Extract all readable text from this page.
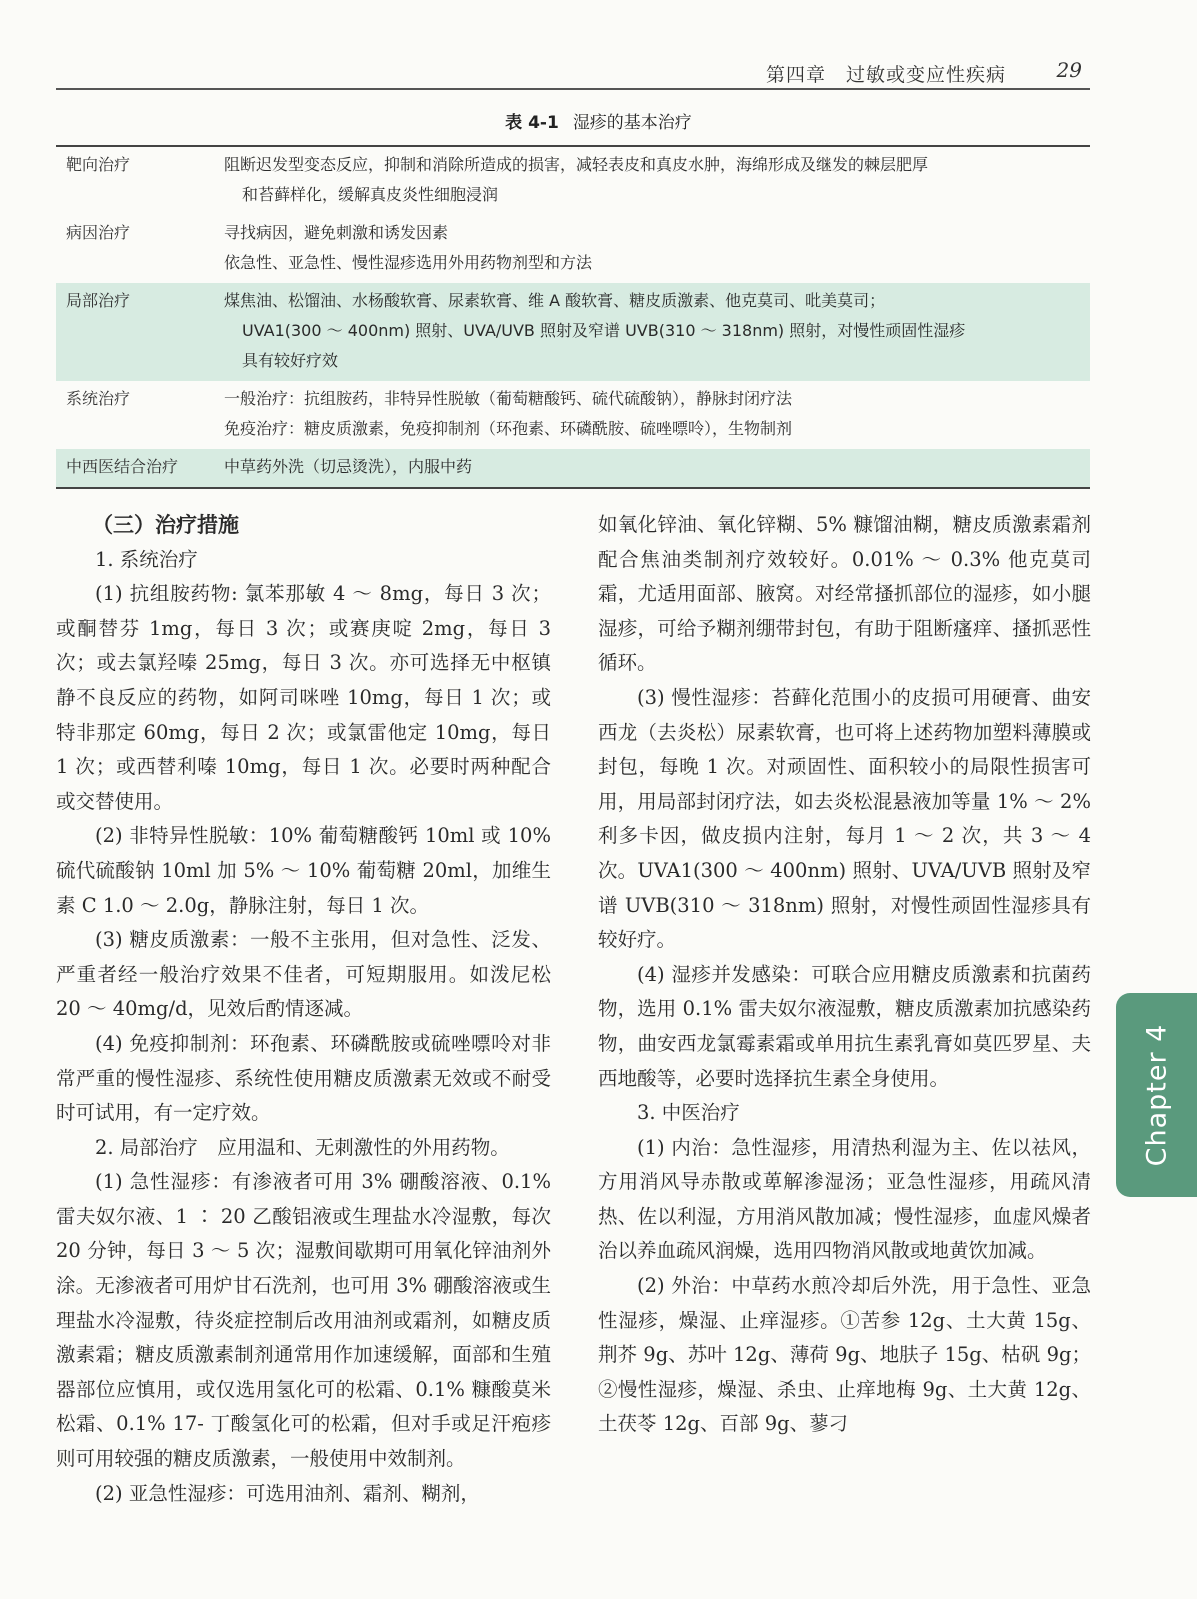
第四章　过敏或变应性疾病	29
表 4-1 湿疹的基本治疗
靶向治疗	阻断迟发型变态反应，抑制和消除所造成的损害，减轻表皮和真皮水肿，海绵形成及继发的棘层肥厚
和苔藓样化，缓解真皮炎性细胞浸润
病因治疗	寻找病因，避免刺激和诱发因素
依急性、亚急性、慢性湿疹选用外用药物剂型和方法
局部治疗	煤焦油、松馏油、水杨酸软膏、尿素软膏、维 A 酸软膏、糖皮质激素、他克莫司、吡美莫司；
UVA1(300 ～ 400nm) 照射、UVA/UVB 照射及窄谱 UVB(310 ～ 318nm) 照射，对慢性顽固性湿疹
具有较好疗效
系统治疗	一般治疗：抗组胺药，非特异性脱敏（葡萄糖酸钙、硫代硫酸钠），静脉封闭疗法
免疫治疗：糖皮质激素，免疫抑制剂（环孢素、环磷酰胺、硫唑嘌呤），生物制剂
中西医结合治疗	中草药外洗（切忌烫洗），内服中药

（三）治疗措施

1. 系统治疗

(1) 抗组胺药物: 氯苯那敏 4 ～ 8mg，每日 3 次；或酮替芬 1mg，每日 3 次；或赛庚啶 2mg，每日 3 次；或去氯羟嗪 25mg，每日 3 次。亦可选择无中枢镇静不良反应的药物，如阿司咪唑 10mg，每日 1 次；或特非那定 60mg，每日 2 次；或氯雷他定 10mg，每日 1 次；或西替利嗪 10mg，每日 1 次。必要时两种配合或交替使用。

(2) 非特异性脱敏：10% 葡萄糖酸钙 10ml 或 10% 硫代硫酸钠 10ml 加 5% ～ 10% 葡萄糖 20ml，加维生素 C 1.0 ～ 2.0g，静脉注射，每日 1 次。

(3) 糖皮质激素：一般不主张用，但对急性、泛发、严重者经一般治疗效果不佳者，可短期服用。如泼尼松 20 ～ 40mg/d，见效后酌情逐减。

(4) 免疫抑制剂：环孢素、环磷酰胺或硫唑嘌呤对非常严重的慢性湿疹、系统性使用糖皮质激素无效或不耐受时可试用，有一定疗效。

2. 局部治疗　应用温和、无刺激性的外用药物。

(1) 急性湿疹：有渗液者可用 3% 硼酸溶液、0.1% 雷夫奴尔液、1 ∶ 20 乙酸铝液或生理盐水冷湿敷，每次 20 分钟，每日 3 ～ 5 次；湿敷间歇期可用氧化锌油剂外涂。无渗液者可用炉甘石洗剂，也可用 3% 硼酸溶液或生理盐水冷湿敷，待炎症控制后改用油剂或霜剂，如糖皮质激素霜；糖皮质激素制剂通常用作加速缓解，面部和生殖器部位应慎用，或仅选用氢化可的松霜、0.1% 糠酸莫米松霜、0.1% 17- 丁酸氢化可的松霜，但对手或足汗疱疹则可用较强的糖皮质激素，一般使用中效制剂。

(2) 亚急性湿疹：可选用油剂、霜剂、糊剂，

如氧化锌油、氧化锌糊、5% 糠馏油糊，糖皮质激素霜剂配合焦油类制剂疗效较好。0.01% ～ 0.3% 他克莫司霜，尤适用面部、腋窝。对经常搔抓部位的湿疹，如小腿湿疹，可给予糊剂绷带封包，有助于阻断瘙痒、搔抓恶性循环。

(3) 慢性湿疹：苔藓化范围小的皮损可用硬膏、曲安西龙（去炎松）尿素软膏，也可将上述药物加塑料薄膜或封包，每晚 1 次。对顽固性、面积较小的局限性损害可用，用局部封闭疗法，如去炎松混悬液加等量 1% ～ 2% 利多卡因，做皮损内注射，每月 1 ～ 2 次，共 3 ～ 4 次。UVA1(300 ～ 400nm) 照射、UVA/UVB 照射及窄谱 UVB(310 ～ 318nm) 照射，对慢性顽固性湿疹具有较好疗。

(4) 湿疹并发感染：可联合应用糖皮质激素和抗菌药物，选用 0.1% 雷夫奴尔液湿敷，糖皮质激素加抗感染药物，曲安西龙氯霉素霜或单用抗生素乳膏如莫匹罗星、夫西地酸等，必要时选择抗生素全身使用。

3. 中医治疗

(1) 内治：急性湿疹，用清热利湿为主、佐以祛风，方用消风导赤散或萆解渗湿汤；亚急性湿疹，用疏风清热、佐以利湿，方用消风散加减；慢性湿疹，血虚风燥者治以养血疏风润燥，选用四物消风散或地黄饮加减。

(2) 外治：中草药水煎冷却后外洗，用于急性、亚急性湿疹，燥湿、止痒湿疹。①苦参 12g、土大黄 15g、荆芥 9g、苏叶 12g、薄荷 9g、地肤子 15g、枯矾 9g；②慢性湿疹，燥湿、杀虫、止痒地梅 9g、土大黄 12g、土茯苓 12g、百部 9g、蓼刁

Chapter 4
